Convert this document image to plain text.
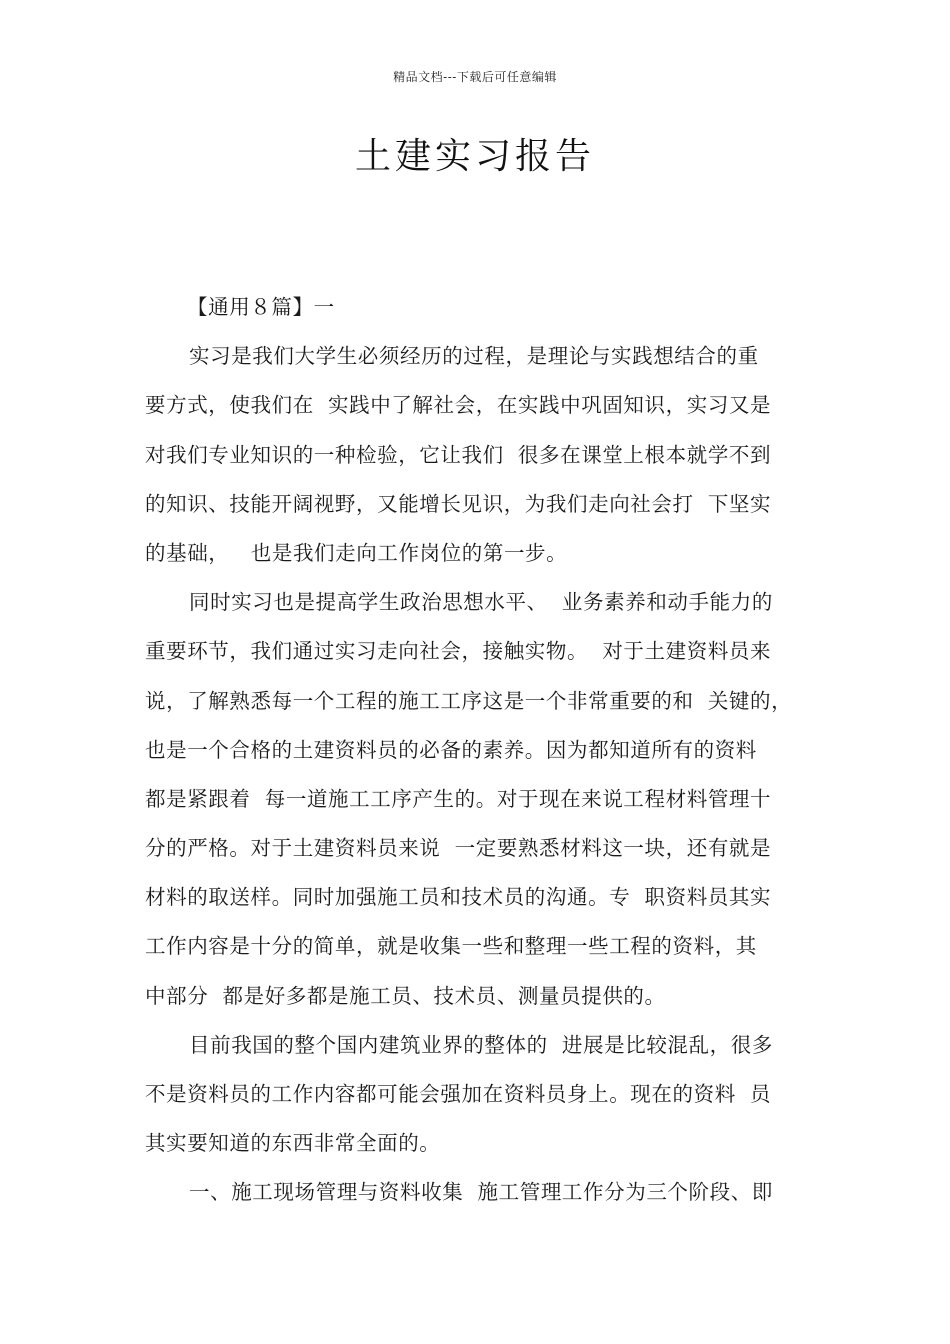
精品文档---下载后可任意编辑
土建实习报告
【通用８篇】一
实习是我们大学生必须经历的过程，是理论与实践想结合的重
要方式，使我们在  实践中了解社会，在实践中巩固知识，实习又是
对我们专业知识的一种检验，它让我们  很多在课堂上根本就学不到
的知识、技能开阔视野，又能增长见识，为我们走向社会打  下坚实
的基础，   也是我们走向工作岗位的第一步。
同时实习也是提高学生政治思想水平、  业务素养和动手能力的
重要环节，我们通过实习走向社会，接触实物。  对于土建资料员来
说，了解熟悉每一个工程的施工工序这是一个非常重要的和  关键的，
也是一个合格的土建资料员的必备的素养。因为都知道所有的资料
都是紧跟着  每一道施工工序产生的。对于现在来说工程材料管理十
分的严格。对于土建资料员来说  一定要熟悉材料这一块，还有就是
材料的取送样。同时加强施工员和技术员的沟通。专  职资料员其实
工作内容是十分的简单，就是收集一些和整理一些工程的资料，其
中部分  都是好多都是施工员、技术员、测量员提供的。
目前我国的整个国内建筑业界的整体的  进展是比较混乱，很多
不是资料员的工作内容都可能会强加在资料员身上。现在的资料  员
其实要知道的东西非常全面的。
一、施工现场管理与资料收集  施工管理工作分为三个阶段、即
